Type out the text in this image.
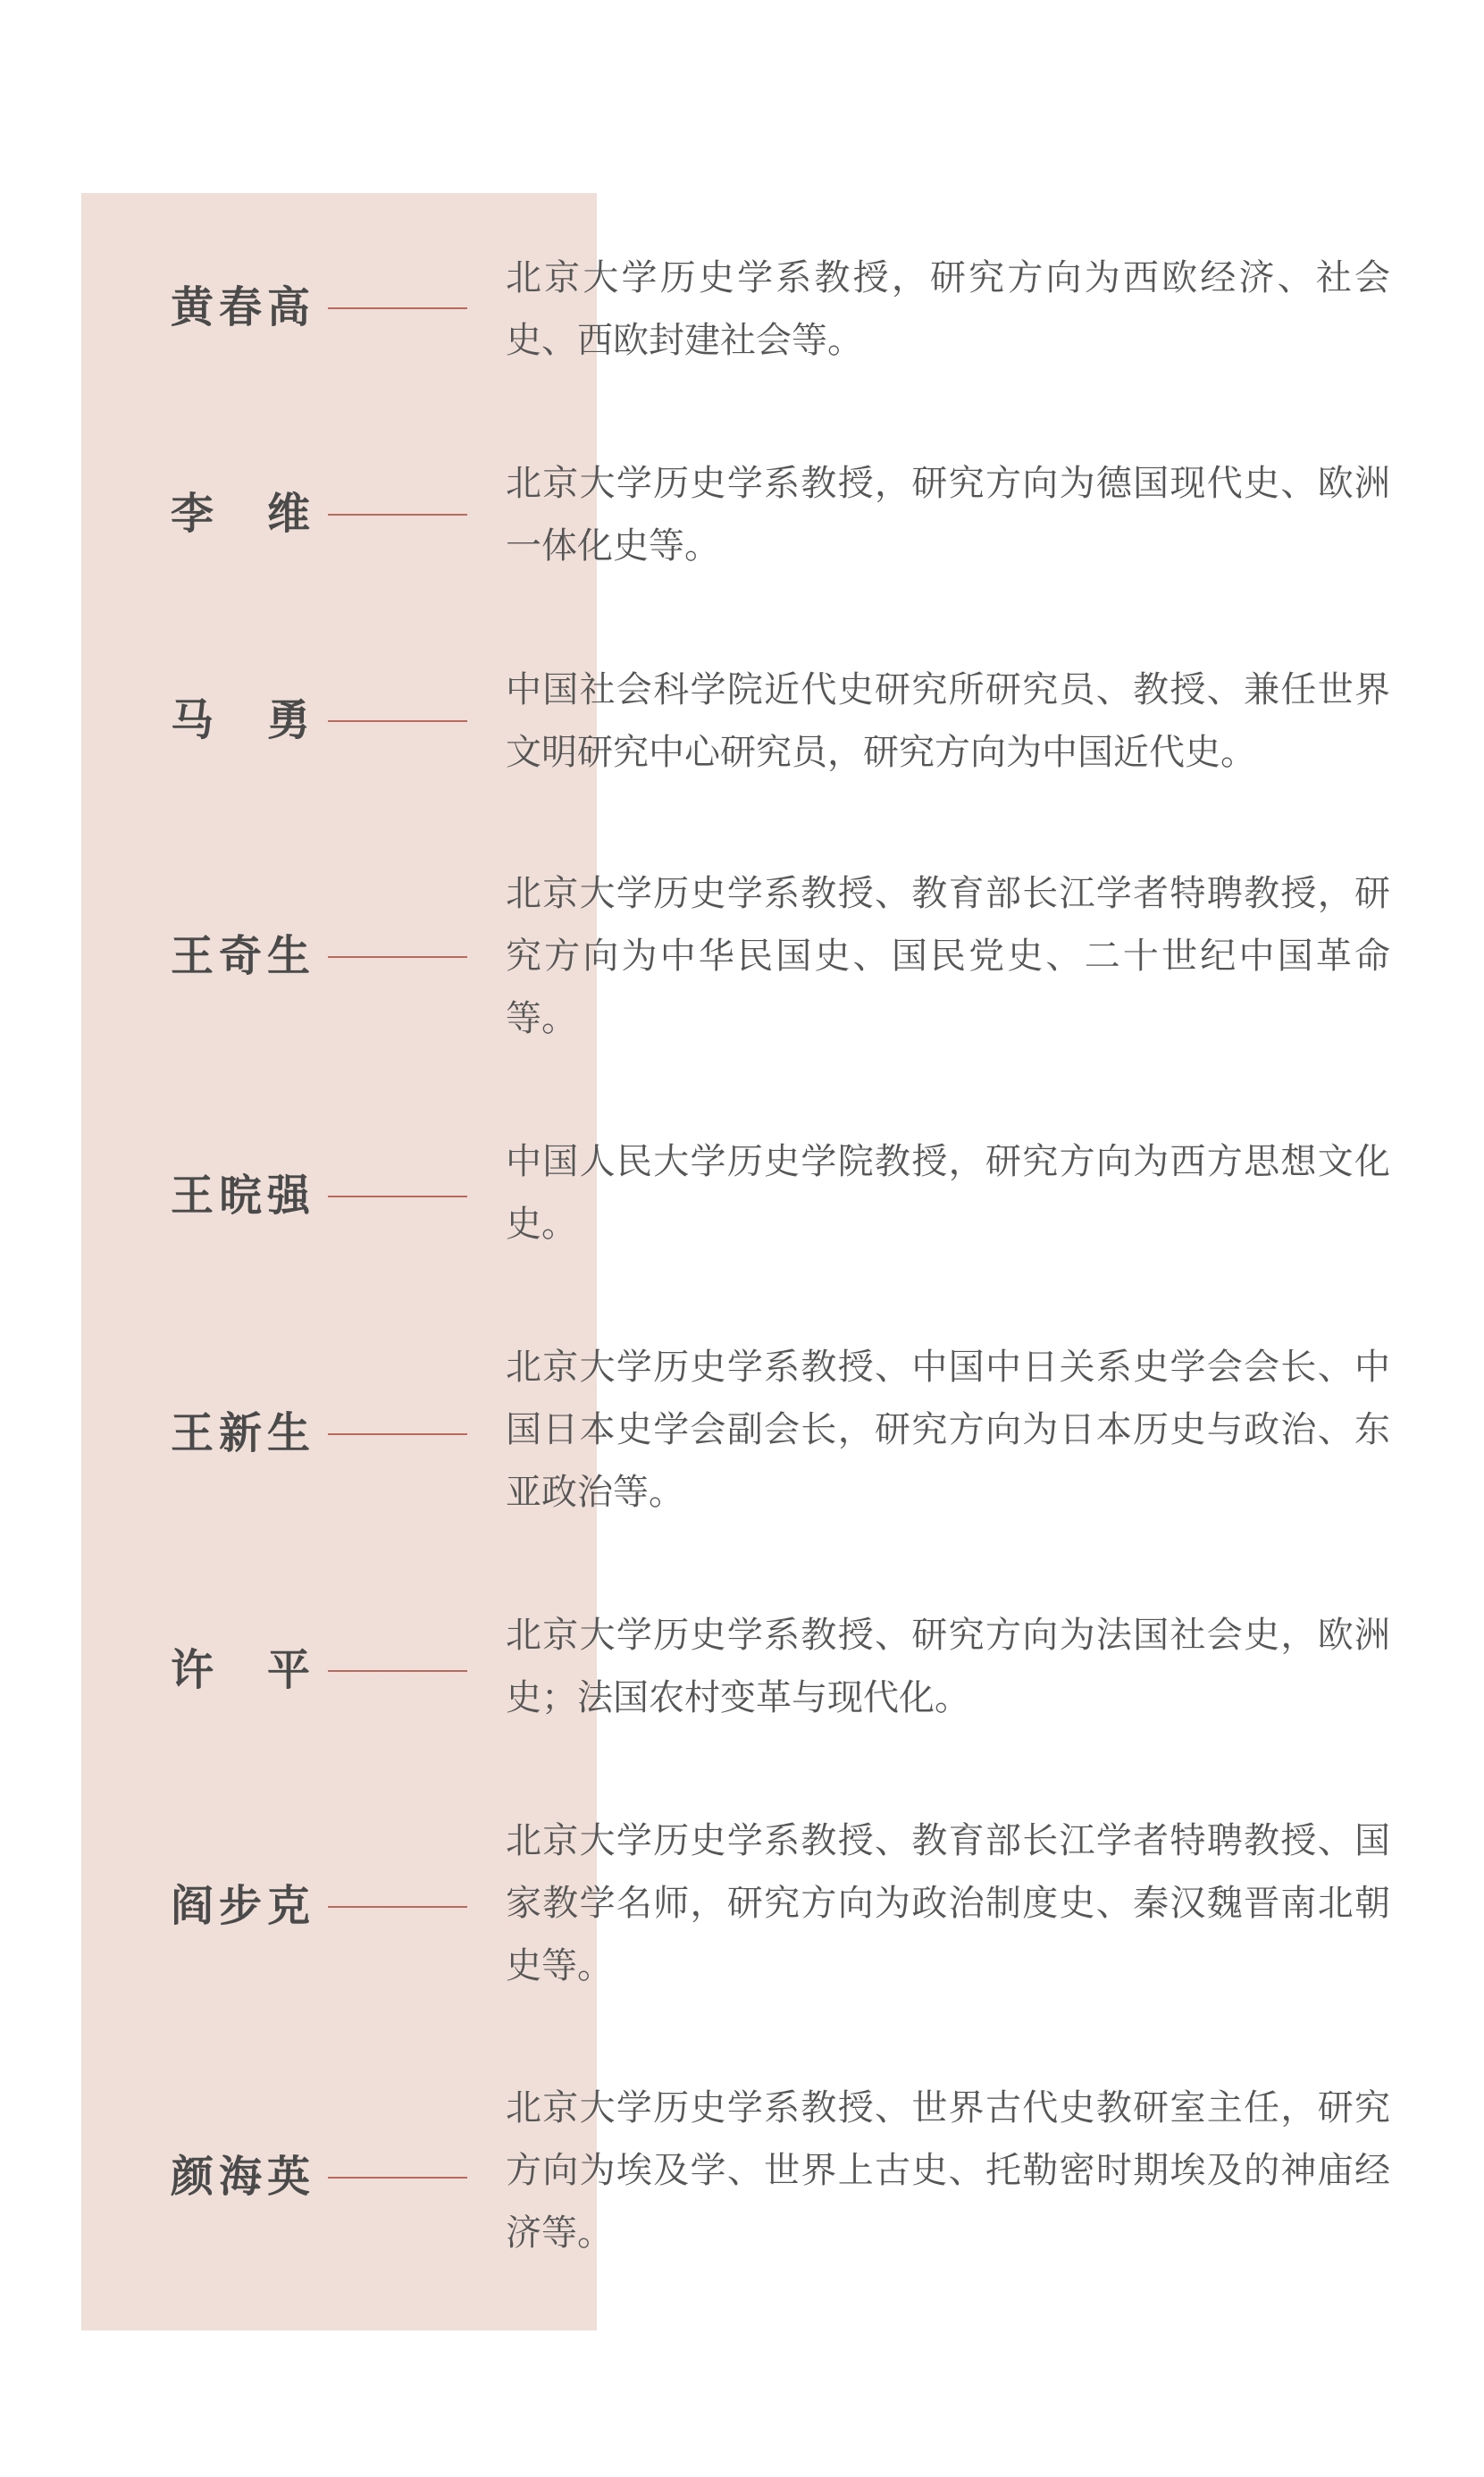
黄春高
北京大学历史学系教授，研究方向为西欧经济、社会史、西欧封建社会等。
李 维
北京大学历史学系教授，研究方向为德国现代史、欧洲一体化史等。
马 勇
中国社会科学院近代史研究所研究员、教授、兼任世界文明研究中心研究员，研究方向为中国近代史。
王奇生
北京大学历史学系教授、教育部长江学者特聘教授，研究方向为中华民国史、国民党史、二十世纪中国革命等。
王晥强
中国人民大学历史学院教授，研究方向为西方思想文化史。
王新生
北京大学历史学系教授、中国中日关系史学会会长、中国日本史学会副会长，研究方向为日本历史与政治、东亚政治等。
许 平
北京大学历史学系教授、研究方向为法国社会史，欧洲史；法国农村变革与现代化。
阎步克
北京大学历史学系教授、教育部长江学者特聘教授、国家教学名师，研究方向为政治制度史、秦汉魏晋南北朝史等。
颜海英
北京大学历史学系教授、世界古代史教研室主任，研究方向为埃及学、世界上古史、托勒密时期埃及的神庙经济等。
